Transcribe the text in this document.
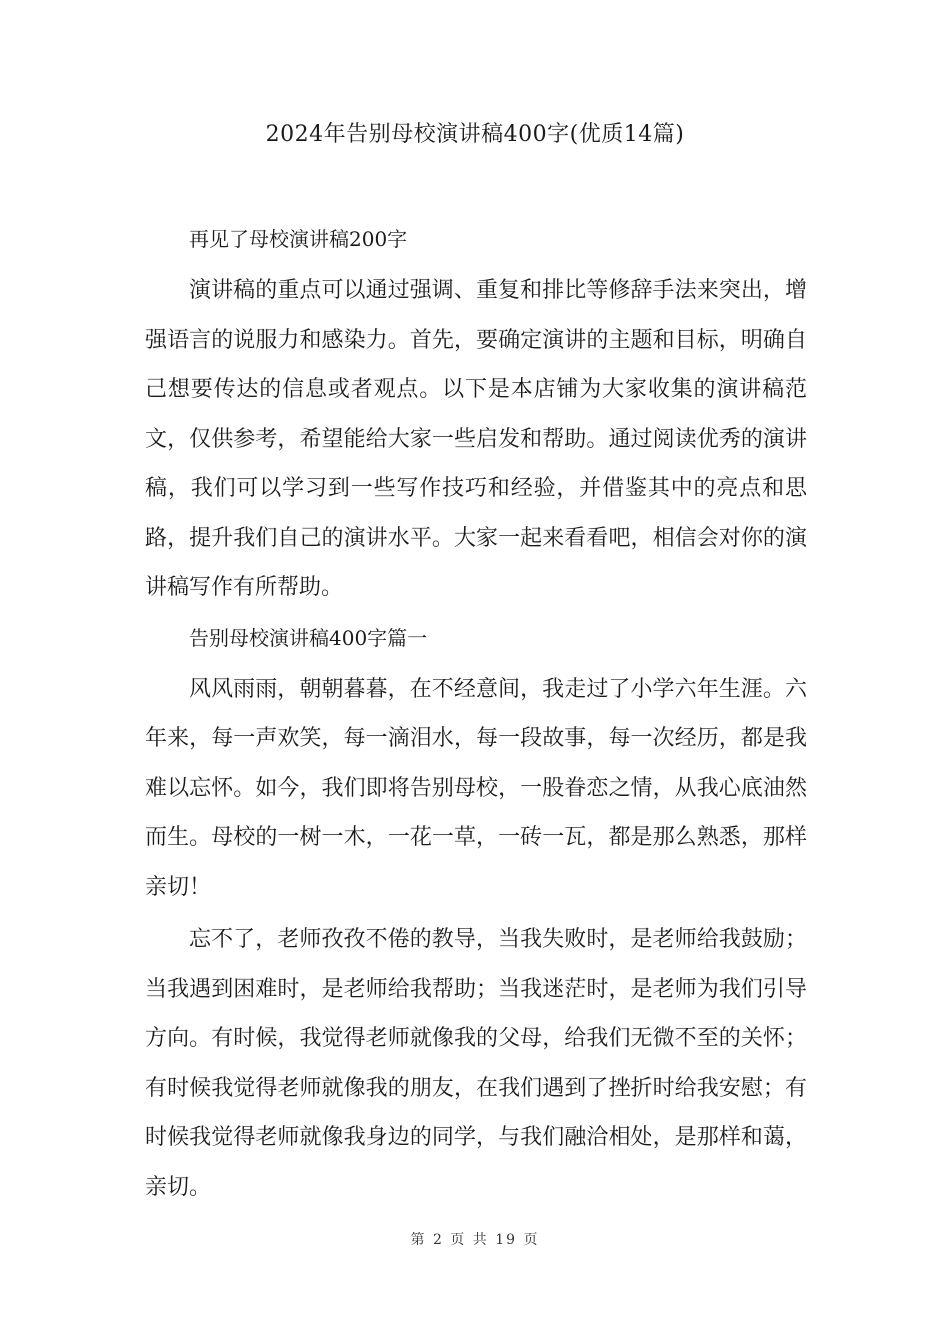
2024年告别母校演讲稿400字(优质14篇)
再见了母校演讲稿200字

演讲稿的重点可以通过强调、重复和排比等修辞手法来突出，增强语言的说服力和感染力。首先，要确定演讲的主题和目标，明确自己想要传达的信息或者观点。以下是本店铺为大家收集的演讲稿范文，仅供参考，希望能给大家一些启发和帮助。通过阅读优秀的演讲稿，我们可以学习到一些写作技巧和经验，并借鉴其中的亮点和思路，提升我们自己的演讲水平。大家一起来看看吧，相信会对你的演讲稿写作有所帮助。

告别母校演讲稿400字篇一

风风雨雨，朝朝暮暮，在不经意间，我走过了小学六年生涯。六年来，每一声欢笑，每一滴泪水，每一段故事，每一次经历，都是我难以忘怀。如今，我们即将告别母校，一股眷恋之情，从我心底油然而生。母校的一树一木，一花一草，一砖一瓦，都是那么熟悉，那样亲切！

忘不了，老师孜孜不倦的教导，当我失败时，是老师给我鼓励；当我遇到困难时，是老师给我帮助；当我迷茫时，是老师为我们引导方向。有时候，我觉得老师就像我的父母，给我们无微不至的关怀；有时候我觉得老师就像我的朋友，在我们遇到了挫折时给我安慰；有时候我觉得老师就像我身边的同学，与我们融洽相处，是那样和蔼，亲切。

第 2 页 共 19 页
